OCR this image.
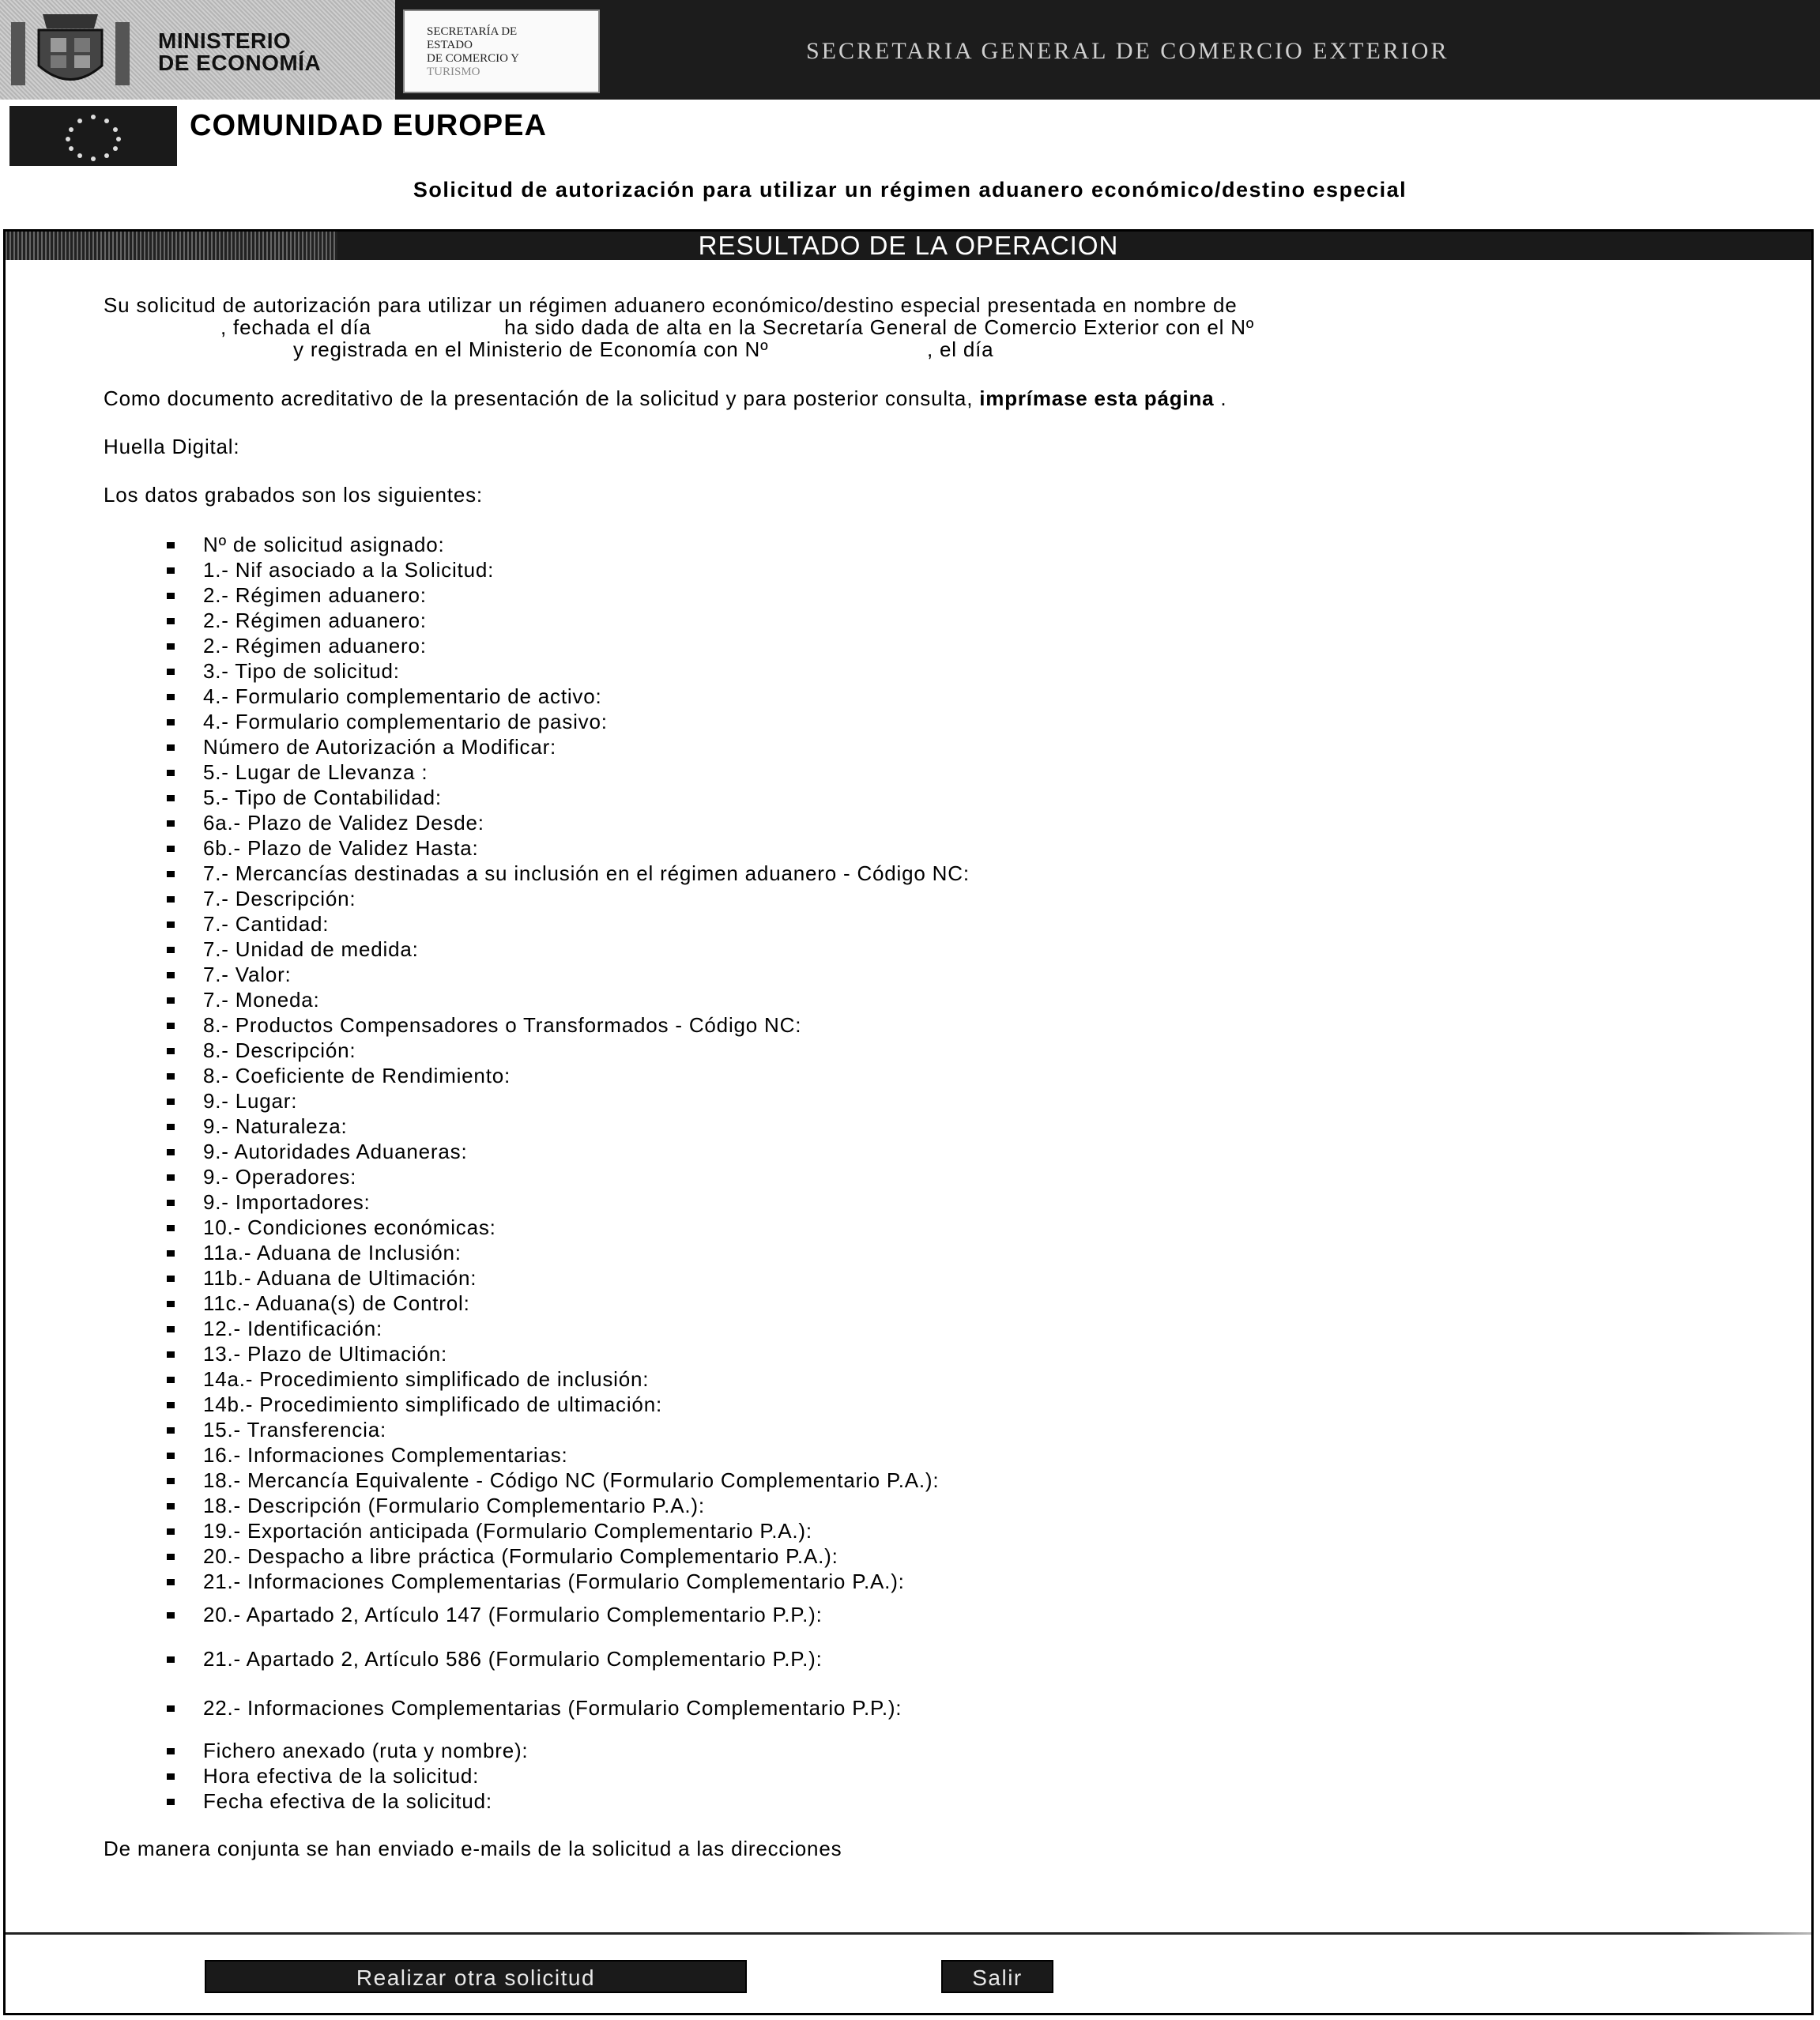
MINISTERIO
DE ECONOMÍA
SECRETARÍA DE
ESTADO
DE COMERCIO Y
TURISMO
SECRETARIA GENERAL DE COMERCIO EXTERIOR
COMUNIDAD EUROPEA
Solicitud de autorización para utilizar un régimen aduanero económico/destino especial
RESULTADO DE LA OPERACION
Su solicitud de autorización para utilizar un régimen aduanero económico/destino especial presentada en nombre de
, fechada el día                     ha sido dada de alta en la Secretaría General de Comercio Exterior con el Nº
y registrada en el Ministerio de Economía con Nº                         , el día
Como documento acreditativo de la presentación de la solicitud y para posterior consulta, imprímase esta página .
Huella Digital:
Los datos grabados son los siguientes:
Nº de solicitud asignado:
1.- Nif asociado a la Solicitud:
2.- Régimen aduanero:
2.- Régimen aduanero:
2.- Régimen aduanero:
3.- Tipo de solicitud:
4.- Formulario complementario de activo:
4.- Formulario complementario de pasivo:
Número de Autorización a Modificar:
5.- Lugar de Llevanza :
5.- Tipo de Contabilidad:
6a.- Plazo de Validez Desde:
6b.- Plazo de Validez Hasta:
7.- Mercancías destinadas a su inclusión en el régimen aduanero - Código NC:
7.- Descripción:
7.- Cantidad:
7.- Unidad de medida:
7.- Valor:
7.- Moneda:
8.- Productos Compensadores o Transformados - Código NC:
8.- Descripción:
8.- Coeficiente de Rendimiento:
9.- Lugar:
9.- Naturaleza:
9.- Autoridades Aduaneras:
9.- Operadores:
9.- Importadores:
10.- Condiciones económicas:
11a.- Aduana de Inclusión:
11b.- Aduana de Ultimación:
11c.- Aduana(s) de Control:
12.- Identificación:
13.- Plazo de Ultimación:
14a.- Procedimiento simplificado de inclusión:
14b.- Procedimiento simplificado de ultimación:
15.- Transferencia:
16.- Informaciones Complementarias:
18.- Mercancía Equivalente - Código NC (Formulario Complementario P.A.):
18.- Descripción (Formulario Complementario P.A.):
19.- Exportación anticipada (Formulario Complementario P.A.):
20.- Despacho a libre práctica (Formulario Complementario P.A.):
21.- Informaciones Complementarias (Formulario Complementario P.A.):
20.- Apartado 2, Artículo 147 (Formulario Complementario P.P.):
21.- Apartado 2, Artículo 586 (Formulario Complementario P.P.):
22.- Informaciones Complementarias (Formulario Complementario P.P.):
Fichero anexado (ruta y nombre):
Hora efectiva de la solicitud:
Fecha efectiva de la solicitud:
De manera conjunta se han enviado e-mails de la solicitud a las direcciones
Realizar otra solicitud	Salir
